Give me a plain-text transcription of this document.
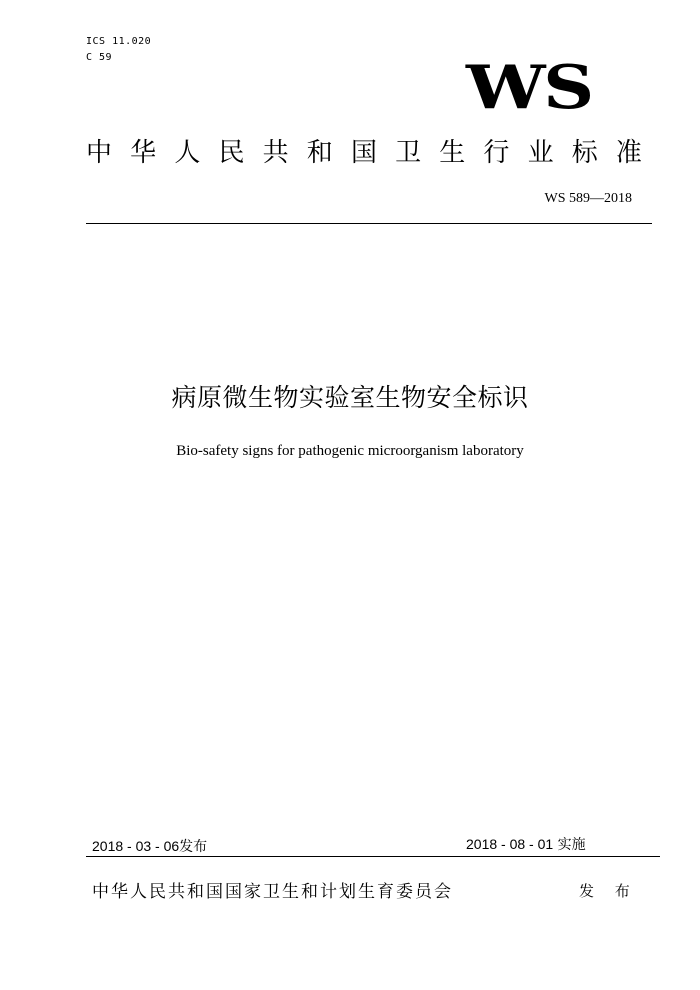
ICS 11.020
C 59	WS
中 华 人 民 共 和 国 卫 生 行 业 标 准
WS 589—2018
病原微生物实验室生物安全标识
Bio-safety signs for pathogenic microorganism laboratory
2018 - 03 - 06发布	2018 - 08 - 01 实施
中华人民共和国国家卫生和计划生育委员会	发 布
